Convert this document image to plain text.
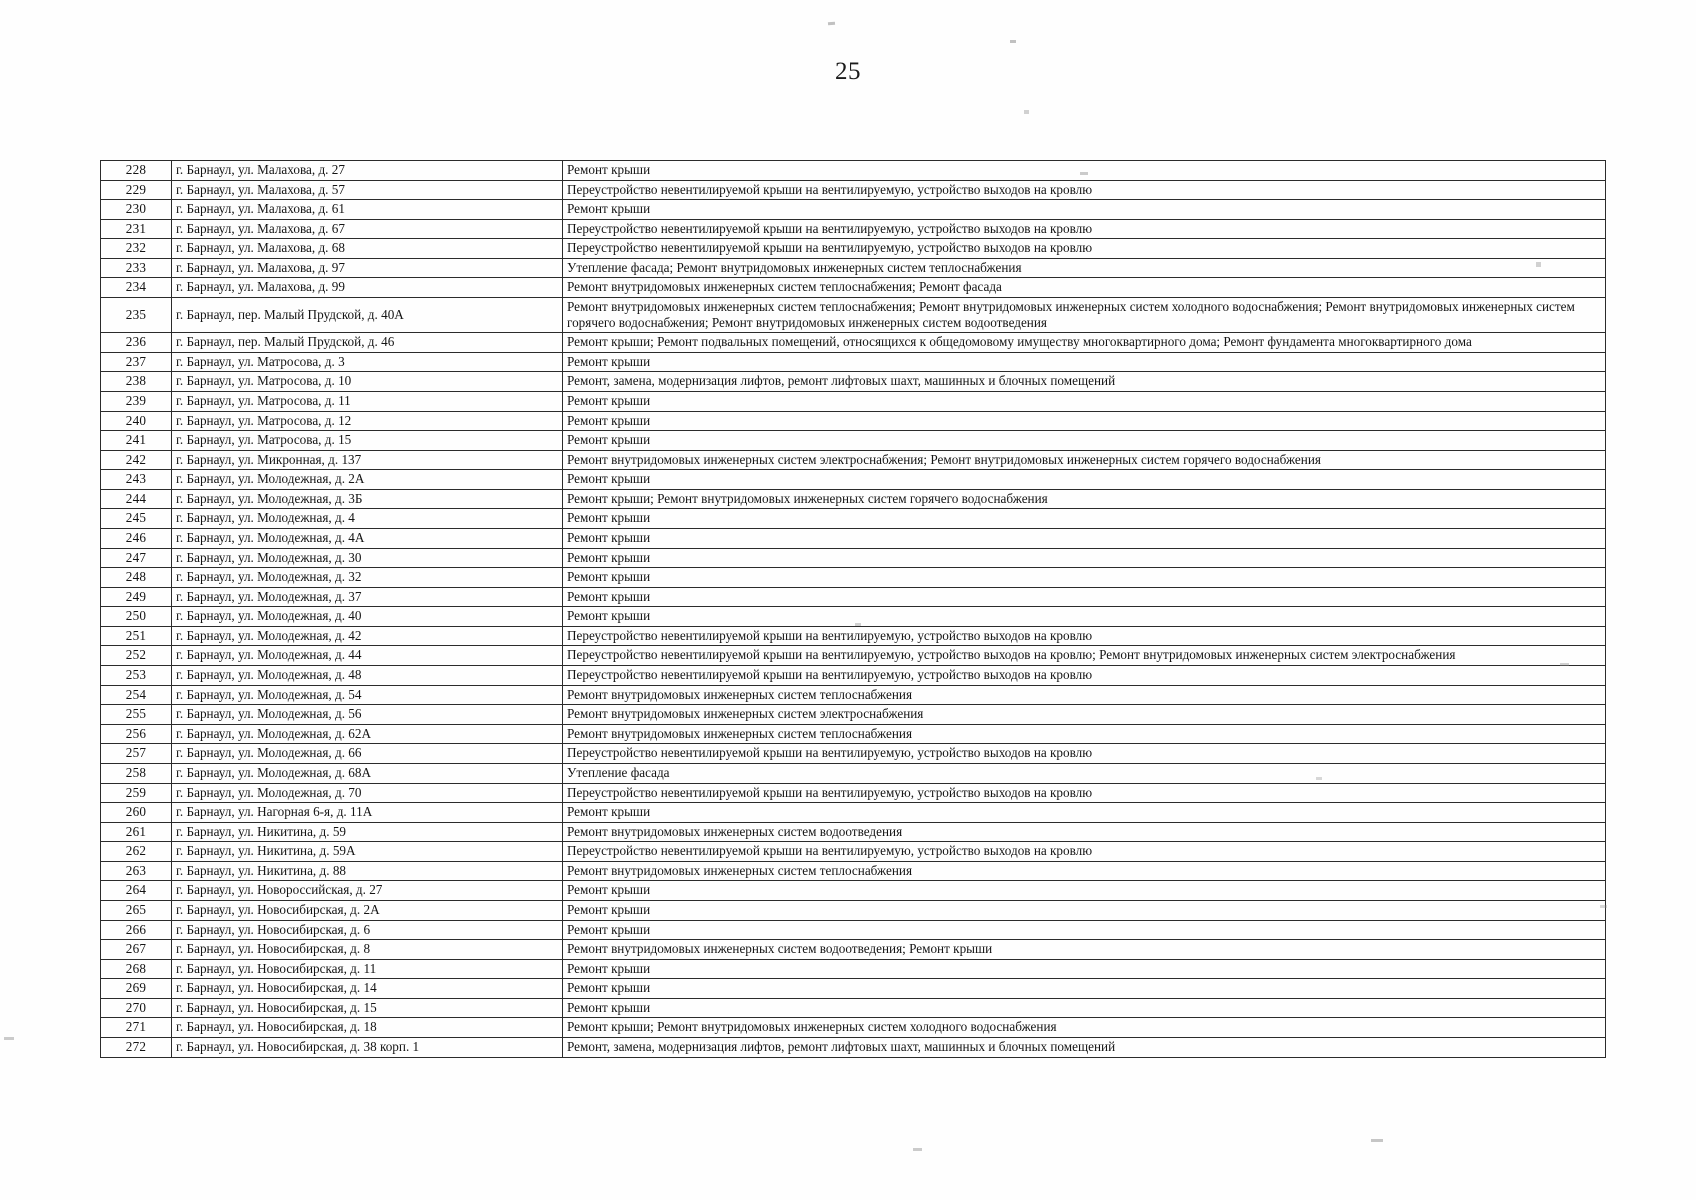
25
228	г. Барнаул, ул. Малахова, д. 27	Ремонт крыши
229	г. Барнаул, ул. Малахова, д. 57	Переустройство невентилируемой крыши на вентилируемую, устройство выходов на кровлю
230	г. Барнаул, ул. Малахова, д. 61	Ремонт крыши
231	г. Барнаул, ул. Малахова, д. 67	Переустройство невентилируемой крыши на вентилируемую, устройство выходов на кровлю
232	г. Барнаул, ул. Малахова, д. 68	Переустройство невентилируемой крыши на вентилируемую, устройство выходов на кровлю
233	г. Барнаул, ул. Малахова, д. 97	Утепление фасада; Ремонт внутридомовых инженерных систем теплоснабжения
234	г. Барнаул, ул. Малахова, д. 99	Ремонт внутридомовых инженерных систем теплоснабжения; Ремонт фасада
235	г. Барнаул, пер. Малый Прудской, д. 40А	Ремонт внутридомовых инженерных систем теплоснабжения; Ремонт внутридомовых инженерных систем холодного водоснабжения; Ремонт внутридомовых инженерных систем горячего водоснабжения; Ремонт внутридомовых инженерных систем водоотведения
236	г. Барнаул, пер. Малый Прудской, д. 46	Ремонт крыши; Ремонт подвальных помещений, относящихся к общедомовому имуществу многоквартирного дома; Ремонт фундамента многоквартирного дома
237	г. Барнаул, ул. Матросова, д. 3	Ремонт крыши
238	г. Барнаул, ул. Матросова, д. 10	Ремонт, замена, модернизация лифтов, ремонт лифтовых шахт, машинных и блочных помещений
239	г. Барнаул, ул. Матросова, д. 11	Ремонт крыши
240	г. Барнаул, ул. Матросова, д. 12	Ремонт крыши
241	г. Барнаул, ул. Матросова, д. 15	Ремонт крыши
242	г. Барнаул, ул. Микронная, д. 137	Ремонт внутридомовых инженерных систем электроснабжения; Ремонт внутридомовых инженерных систем горячего водоснабжения
243	г. Барнаул, ул. Молодежная, д. 2А	Ремонт крыши
244	г. Барнаул, ул. Молодежная, д. 3Б	Ремонт крыши; Ремонт внутридомовых инженерных систем горячего водоснабжения
245	г. Барнаул, ул. Молодежная, д. 4	Ремонт крыши
246	г. Барнаул, ул. Молодежная, д. 4А	Ремонт крыши
247	г. Барнаул, ул. Молодежная, д. 30	Ремонт крыши
248	г. Барнаул, ул. Молодежная, д. 32	Ремонт крыши
249	г. Барнаул, ул. Молодежная, д. 37	Ремонт крыши
250	г. Барнаул, ул. Молодежная, д. 40	Ремонт крыши
251	г. Барнаул, ул. Молодежная, д. 42	Переустройство невентилируемой крыши на вентилируемую, устройство выходов на кровлю
252	г. Барнаул, ул. Молодежная, д. 44	Переустройство невентилируемой крыши на вентилируемую, устройство выходов на кровлю; Ремонт внутридомовых инженерных систем электроснабжения
253	г. Барнаул, ул. Молодежная, д. 48	Переустройство невентилируемой крыши на вентилируемую, устройство выходов на кровлю
254	г. Барнаул, ул. Молодежная, д. 54	Ремонт внутридомовых инженерных систем теплоснабжения
255	г. Барнаул, ул. Молодежная, д. 56	Ремонт внутридомовых инженерных систем электроснабжения
256	г. Барнаул, ул. Молодежная, д. 62А	Ремонт внутридомовых инженерных систем теплоснабжения
257	г. Барнаул, ул. Молодежная, д. 66	Переустройство невентилируемой крыши на вентилируемую, устройство выходов на кровлю
258	г. Барнаул, ул. Молодежная, д. 68А	Утепление фасада
259	г. Барнаул, ул. Молодежная, д. 70	Переустройство невентилируемой крыши на вентилируемую, устройство выходов на кровлю
260	г. Барнаул, ул. Нагорная 6-я, д. 11А	Ремонт крыши
261	г. Барнаул, ул. Никитина, д. 59	Ремонт внутридомовых инженерных систем водоотведения
262	г. Барнаул, ул. Никитина, д. 59А	Переустройство невентилируемой крыши на вентилируемую, устройство выходов на кровлю
263	г. Барнаул, ул. Никитина, д. 88	Ремонт внутридомовых инженерных систем теплоснабжения
264	г. Барнаул, ул. Новороссийская, д. 27	Ремонт крыши
265	г. Барнаул, ул. Новосибирская, д. 2А	Ремонт крыши
266	г. Барнаул, ул. Новосибирская, д. 6	Ремонт крыши
267	г. Барнаул, ул. Новосибирская, д. 8	Ремонт внутридомовых инженерных систем водоотведения; Ремонт крыши
268	г. Барнаул, ул. Новосибирская, д. 11	Ремонт крыши
269	г. Барнаул, ул. Новосибирская, д. 14	Ремонт крыши
270	г. Барнаул, ул. Новосибирская, д. 15	Ремонт крыши
271	г. Барнаул, ул. Новосибирская, д. 18	Ремонт крыши; Ремонт внутридомовых инженерных систем холодного водоснабжения
272	г. Барнаул, ул. Новосибирская, д. 38 корп. 1	Ремонт, замена, модернизация лифтов, ремонт лифтовых шахт, машинных и блочных помещений
